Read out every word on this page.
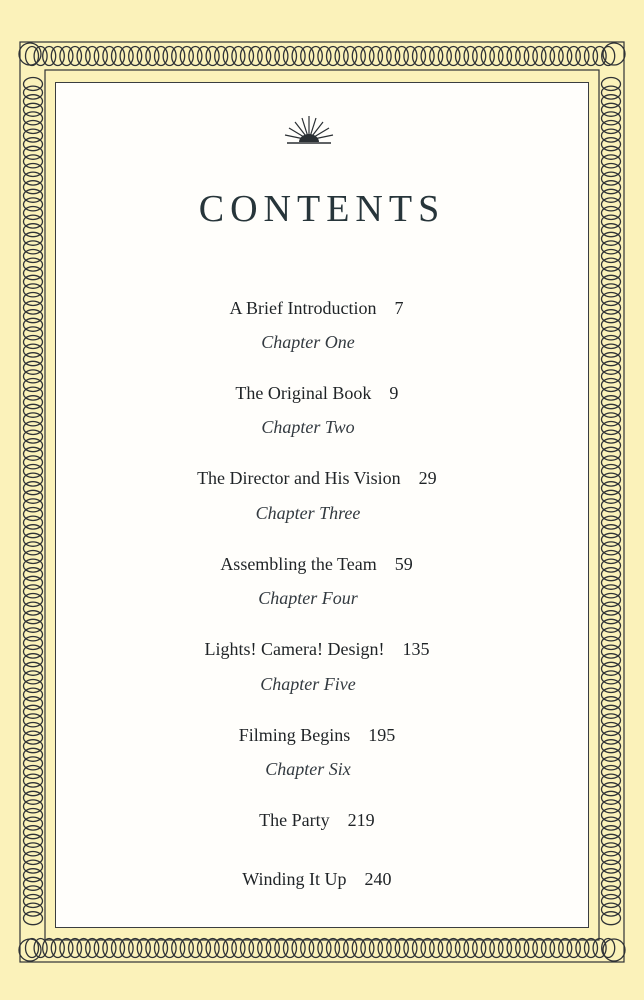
CONTENTS

A Brief Introduction 7

Chapter One

The Original Book 9

Chapter Two

The Director and His Vision 29

Chapter Three

Assembling the Team 59

Chapter Four

Lights! Camera! Design! 135

Chapter Five

Filming Begins 195

Chapter Six

The Party 219

Winding It Up 240
